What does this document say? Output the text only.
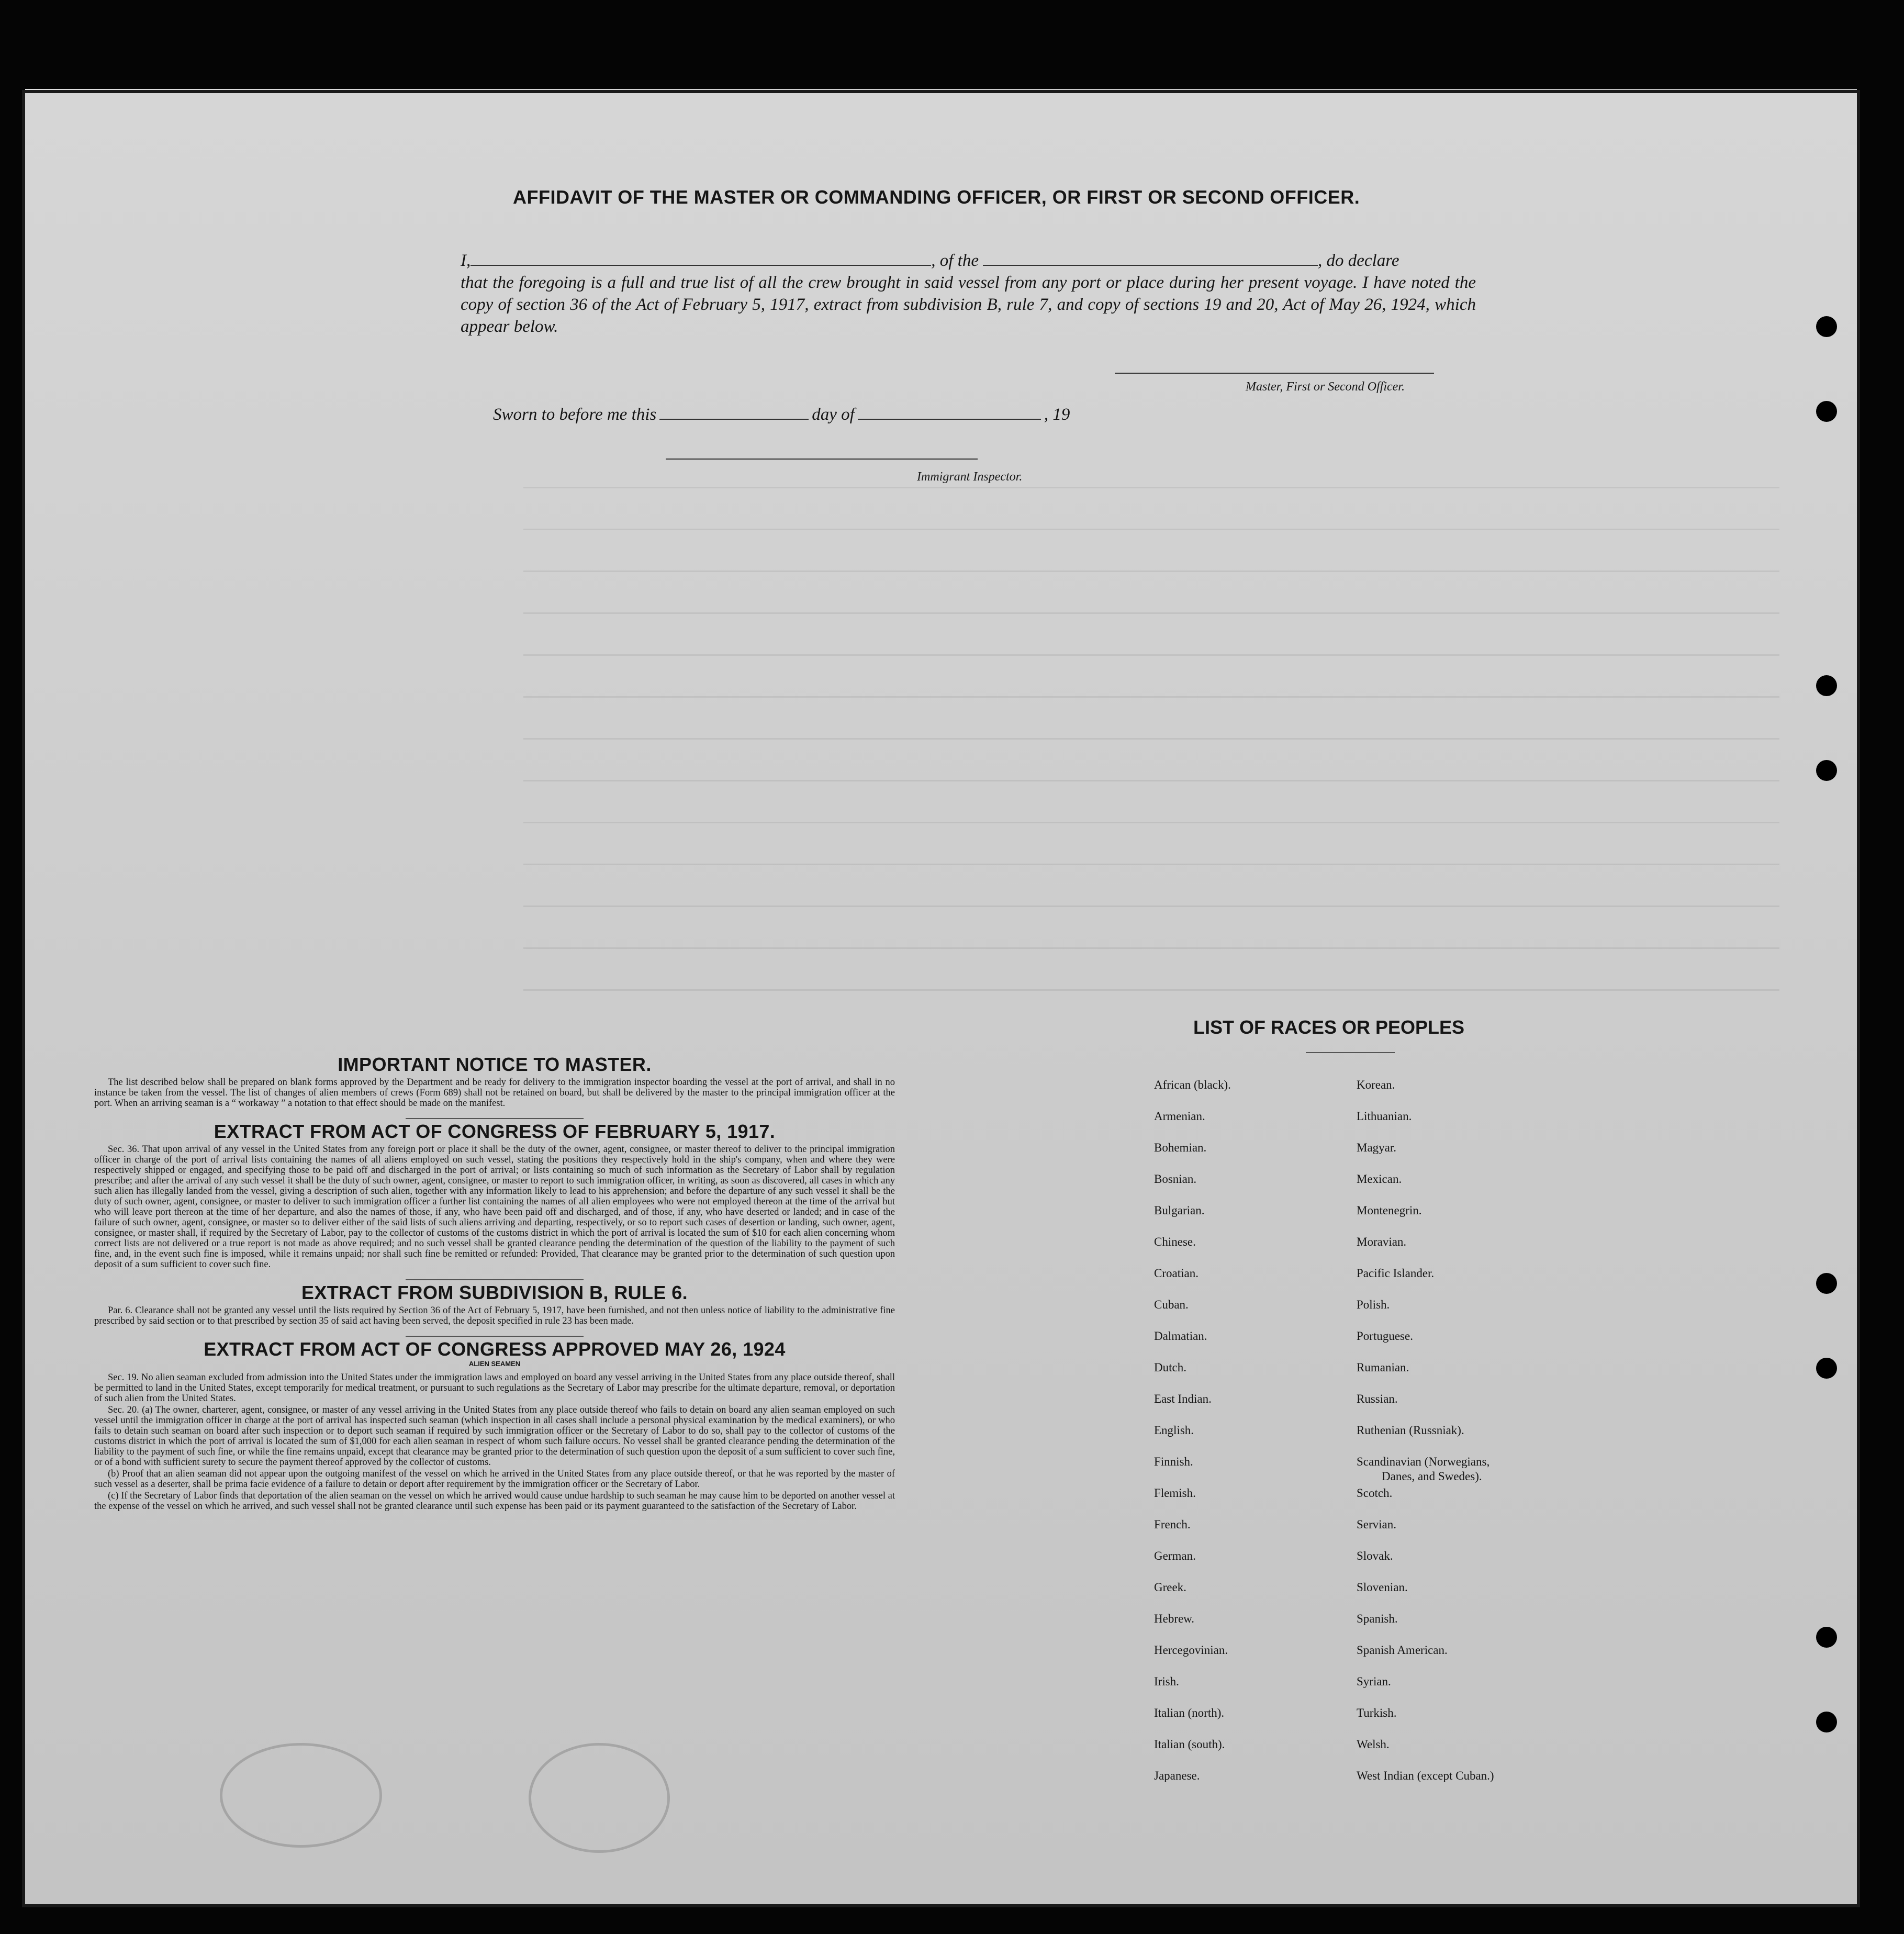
AFFIDAVIT OF THE MASTER OR COMMANDING OFFICER, OR FIRST OR SECOND OFFICER.
I,	, of the	, do declare
that the foregoing is a full and true list of all the crew brought in said vessel from any port or place during her present voyage. I have noted the copy of section 36 of the Act of February 5, 1917, extract from subdivision B, rule 7, and copy of sections 19 and 20, Act of May 26, 1924, which appear below.
Master, First or Second Officer.
Sworn to before me this	day of	, 19
Immigrant Inspector.
IMPORTANT NOTICE TO MASTER.

The list described below shall be prepared on blank forms approved by the Department and be ready for delivery to the immigration inspector boarding the vessel at the port of arrival, and shall in no instance be taken from the vessel. The list of changes of alien members of crews (Form 689) shall not be retained on board, but shall be delivered by the master to the principal immigration officer at the port. When an arriving seaman is a “ workaway ” a notation to that effect should be made on the manifest.

EXTRACT FROM ACT OF CONGRESS OF FEBRUARY 5, 1917.

Sec. 36. That upon arrival of any vessel in the United States from any foreign port or place it shall be the duty of the owner, agent, consignee, or master thereof to deliver to the principal immigration officer in charge of the port of arrival lists containing the names of all aliens employed on such vessel, stating the positions they respectively hold in the ship's company, when and where they were respectively shipped or engaged, and specifying those to be paid off and discharged in the port of arrival; or lists containing so much of such information as the Secretary of Labor shall by regulation prescribe; and after the arrival of any such vessel it shall be the duty of such owner, agent, consignee, or master to report to such immigration officer, in writing, as soon as discovered, all cases in which any such alien has illegally landed from the vessel, giving a description of such alien, together with any information likely to lead to his apprehension; and before the departure of any such vessel it shall be the duty of such owner, agent, consignee, or master to deliver to such immigration officer a further list containing the names of all alien employees who were not employed thereon at the time of the arrival but who will leave port thereon at the time of her departure, and also the names of those, if any, who have been paid off and discharged, and of those, if any, who have deserted or landed; and in case of the failure of such owner, agent, consignee, or master so to deliver either of the said lists of such aliens arriving and departing, respectively, or so to report such cases of desertion or landing, such owner, agent, consignee, or master shall, if required by the Secretary of Labor, pay to the collector of customs of the customs district in which the port of arrival is located the sum of $10 for each alien concerning whom correct lists are not delivered or a true report is not made as above required; and no such vessel shall be granted clearance pending the determination of the question of the liability to the payment of such fine, and, in the event such fine is imposed, while it remains unpaid; nor shall such fine be remitted or refunded: Provided, That clearance may be granted prior to the determination of such question upon deposit of a sum sufficient to cover such fine.

EXTRACT FROM SUBDIVISION B, RULE 6.

Par. 6. Clearance shall not be granted any vessel until the lists required by Section 36 of the Act of February 5, 1917, have been furnished, and not then unless notice of liability to the administrative fine prescribed by said section or to that prescribed by section 35 of said act having been served, the deposit specified in rule 23 has been made.

EXTRACT FROM ACT OF CONGRESS APPROVED MAY 26, 1924
ALIEN SEAMEN

Sec. 19. No alien seaman excluded from admission into the United States under the immigration laws and employed on board any vessel arriving in the United States from any place outside thereof, shall be permitted to land in the United States, except temporarily for medical treatment, or pursuant to such regulations as the Secretary of Labor may prescribe for the ultimate departure, removal, or deportation of such alien from the United States.

Sec. 20. (a) The owner, charterer, agent, consignee, or master of any vessel arriving in the United States from any place outside thereof who fails to detain on board any alien seaman employed on such vessel until the immigration officer in charge at the port of arrival has inspected such seaman (which inspection in all cases shall include a personal physical examination by the medical examiners), or who fails to detain such seaman on board after such inspection or to deport such seaman if required by such immigration officer or the Secretary of Labor to do so, shall pay to the collector of customs of the customs district in which the port of arrival is located the sum of $1,000 for each alien seaman in respect of whom such failure occurs. No vessel shall be granted clearance pending the determination of the liability to the payment of such fine, or while the fine remains unpaid, except that clearance may be granted prior to the determination of such question upon the deposit of a sum sufficient to cover such fine, or of a bond with sufficient surety to secure the payment thereof approved by the collector of customs.

(b) Proof that an alien seaman did not appear upon the outgoing manifest of the vessel on which he arrived in the United States from any place outside thereof, or that he was reported by the master of such vessel as a deserter, shall be prima facie evidence of a failure to detain or deport after requirement by the immigration officer or the Secretary of Labor.

(c) If the Secretary of Labor finds that deportation of the alien seaman on the vessel on which he arrived would cause undue hardship to such seaman he may cause him to be deported on another vessel at the expense of the vessel on which he arrived, and such vessel shall not be granted clearance until such expense has been paid or its payment guaranteed to the satisfaction of the Secretary of Labor.

LIST OF RACES OR PEOPLES
African (black).
Armenian.
Bohemian.
Bosnian.
Bulgarian.
Chinese.
Croatian.
Cuban.
Dalmatian.
Dutch.
East Indian.
English.
Finnish.
Flemish.
French.
German.
Greek.
Hebrew.
Hercegovinian.
Irish.
Italian (north).
Italian (south).
Japanese.
Korean.
Lithuanian.
Magyar.
Mexican.
Montenegrin.
Moravian.
Pacific Islander.
Polish.
Portuguese.
Rumanian.
Russian.
Ruthenian (Russniak).
Scandinavian (Norwegians,
Danes, and Swedes).
Scotch.
Servian.
Slovak.
Slovenian.
Spanish.
Spanish American.
Syrian.
Turkish.
Welsh.
West Indian (except Cuban.)
